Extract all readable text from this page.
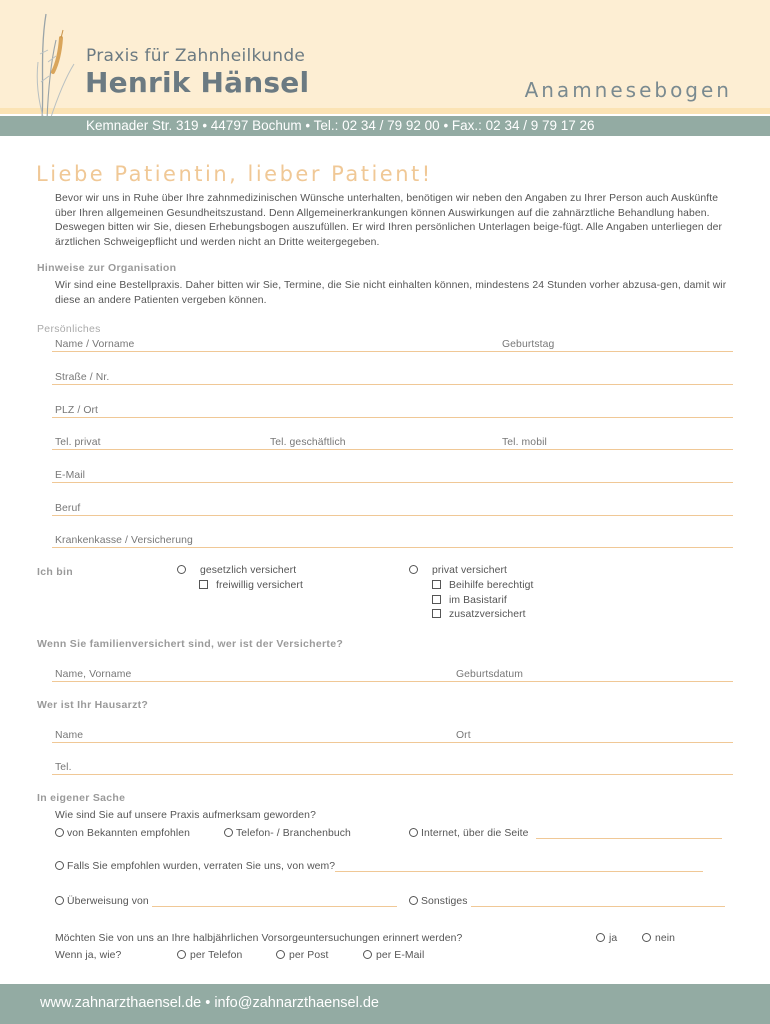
Praxis für Zahnheilkunde
Henrik Hänsel	Anamnesebogen
Kemnader Str. 319 • 44797 Bochum • Tel.: 02 34 / 79 92 00 • Fax.: 02 34 / 9 79 17 26
Liebe Patientin, lieber Patient!
Bevor wir uns in Ruhe über Ihre zahnmedizinischen Wünsche unterhalten, benötigen wir neben den Angaben zu Ihrer Person auch Auskünfte über Ihren allgemeinen Gesundheitszustand. Denn Allgemeinerkrankungen können Auswirkungen auf die zahnärztliche Behandlung haben. Deswegen bitten wir Sie, diesen Erhebungsbogen auszufüllen. Er wird Ihren persönlichen Unterlagen beige-fügt. Alle Angaben unterliegen der ärztlichen Schweigepflicht und werden nicht an Dritte weitergegeben.
Hinweise zur Organisation
Wir sind eine Bestellpraxis. Daher bitten wir Sie, Termine, die Sie nicht einhalten können, mindestens 24 Stunden vorher abzusa-gen, damit wir diese an andere Patienten vergeben können.
Persönliches
Name / Vorname	Geburtstag
Straße / Nr.
PLZ / Ort
Tel. privat	Tel. geschäftlich	Tel. mobil
E-Mail
Beruf
Krankenkasse / Versicherung
Ich bin	gesetzlich versichert
freiwillig versichert
privat versichert
Beihilfe berechtigt
im Basistarif
zusatzversichert
Wenn Sie familienversichert sind, wer ist der Versicherte?
Name, Vorname	Geburtsdatum
Wer ist Ihr Hausarzt?
Name	Ort
Tel.
In eigener Sache
Wie sind Sie auf unsere Praxis aufmerksam geworden?
von Bekannten empfohlen	Telefon- / Branchenbuch	Internet, über die Seite
Falls Sie empfohlen wurden, verraten Sie uns, von wem?
Überweisung von	Sonstiges
Möchten Sie von uns an Ihre halbjährlichen Vorsorgeuntersuchungen erinnert werden?	ja	nein
Wenn ja, wie?	per Telefon	per Post	per E-Mail
www.zahnarzthaensel.de • info@zahnarzthaensel.de
